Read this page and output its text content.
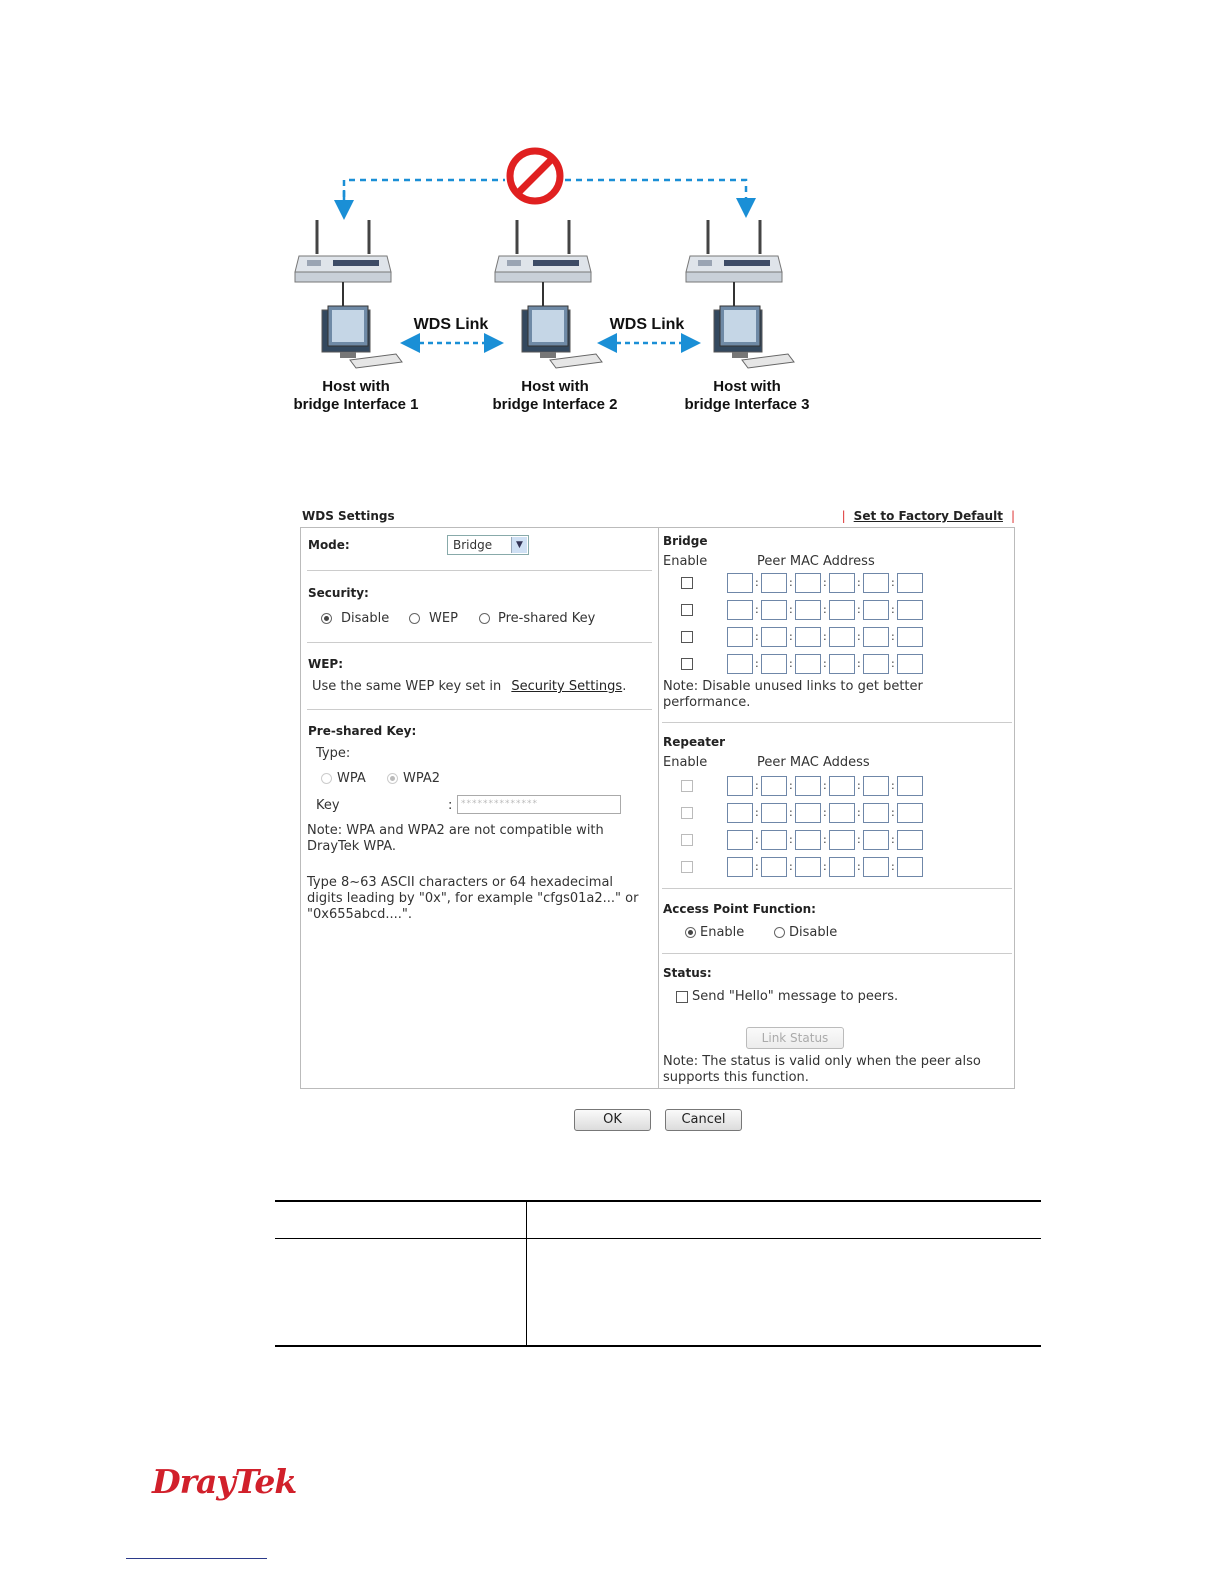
WDS Link	WDS Link
Host with
bridge Interface 1
Host with
bridge Interface 2
Host with
bridge Interface 3
WDS Settings	| Set to Factory Default |
Mode:	Bridge	▼
Security:
Disable	WEP	Pre-shared Key
WEP:
Use the same WEP key set in Security Settings.
Pre-shared Key:
Type:
WPA	WPA2
Key	: **************
Note: WPA and WPA2 are not compatible with DrayTek WPA.
Type 8~63 ASCII characters or 64 hexadecimal digits leading by "0x", for example "cfgs01a2..." or "0x655abcd....".
Bridge
Enable	Peer MAC Address
:	:	:	:	:
:	:	:	:	:
:	:	:	:	:
:	:	:	:	:
Note: Disable unused links to get better performance.
Repeater
Enable	Peer MAC Addess
:	:	:	:	:
:	:	:	:	:
:	:	:	:	:
:	:	:	:	:
Access Point Function:
Enable	Disable
Status:
Send "Hello" message to peers.
Link Status
Note: The status is valid only when the peer also supports this function.
OK	Cancel
DrayTek
